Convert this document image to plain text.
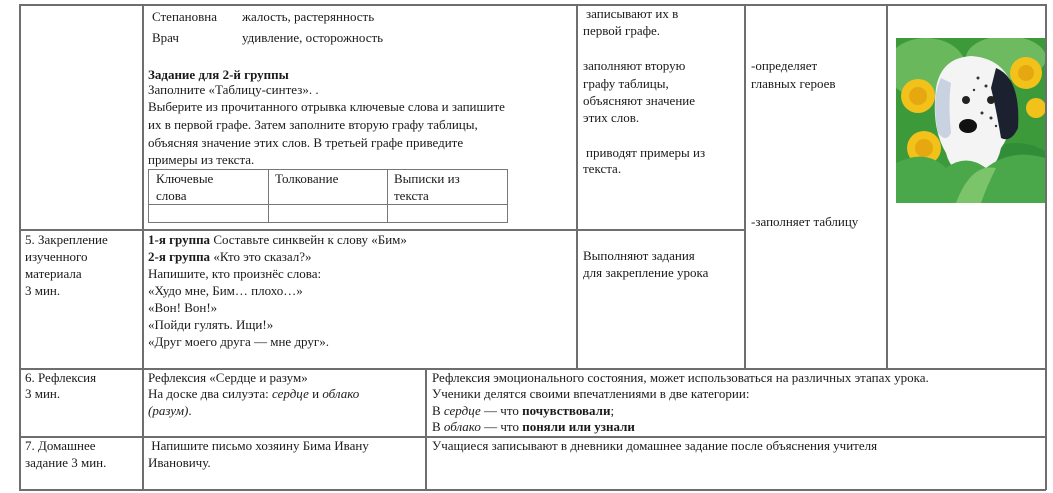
Степановна жалость, растерянность
Врач	удивление, осторожность
Задание для 2-й группы
Заполните «Таблицу-синтез». .
Выберите из прочитанного отрывка ключевые слова и запишите
их в первой графе. Затем заполните вторую графу таблицы,
объясняя значение этих слов. В третьей графе приведите
примеры из текста.
Ключевые
слова
Толкование	Выписки из
текста
записывают их в
первой графе.
заполняют вторую
графу таблицы,
объясняют значение
этих слов.
приводят примеры из
текста.
-определяет
главных героев
-заполняет таблицу
5. Закрепление
изученного
материала
3 мин.
1-я группа Составьте синквейн к слову «Бим»
2-я группа «Кто это сказал?»
Напишите, кто произнёс слова:
«Худо мне, Бим… плохо…»
«Вон! Вон!»
«Пойди гулять. Ищи!»
«Друг моего друга — мне друг».
Выполняют задания
для закрепление урока
6. Рефлексия
3 мин.
Рефлексия «Сердце и разум»
На доске два силуэта: сердце и облако
(разум).
Рефлексия эмоционального состояния, может использоваться на различных этапах урока.
Ученики делятся своими впечатлениями в две категории:
В сердце — что почувствовали;
В облако — что поняли или узнали
7. Домашнее
задание 3 мин.
Напишите письмо хозяину Бима Ивану
Ивановичу.
Учащиеся записывают в дневники домашнее задание после объяснения учителя
